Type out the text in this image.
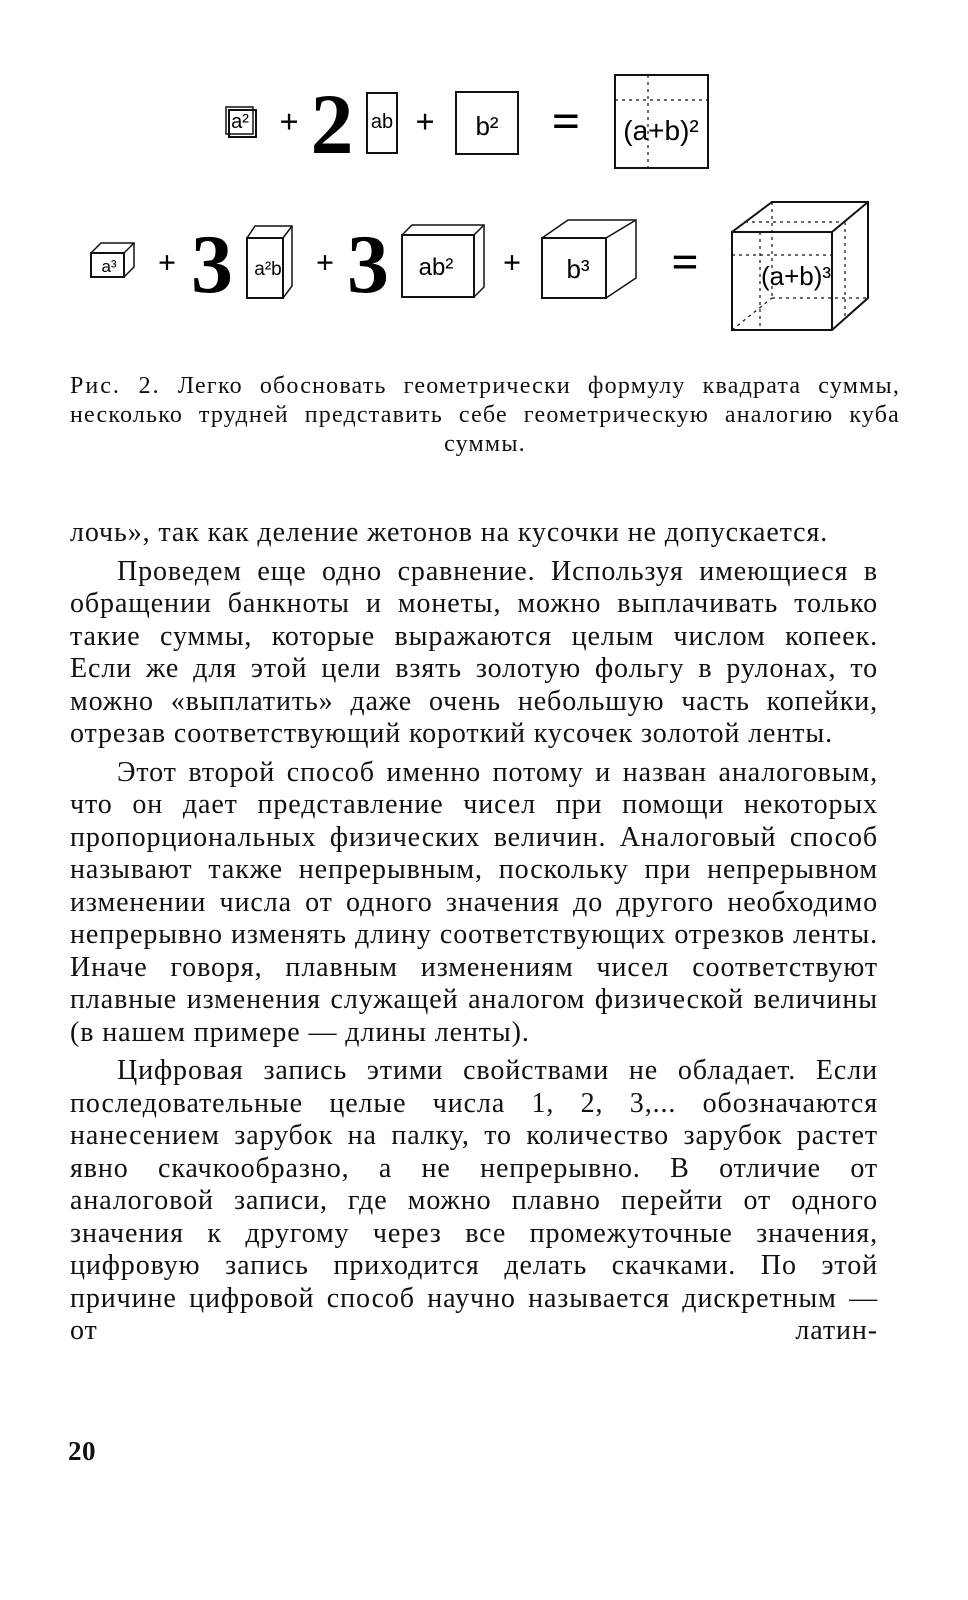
a² + 2 ab + b² = (a+b)²
a³ + 3 a²b + 3 ab² + b³ = (a+b)³
Рис. 2. Легко обосновать геометрически формулу квадрата суммы, несколько трудней представить себе геометрическую аналогию куба суммы.

лочь», так как деление жетонов на кусочки не допускается.

Проведем еще одно сравнение. Используя имеющиеся в обращении банкноты и монеты, можно выплачивать только такие суммы, которые выражаются целым числом копеек. Если же для этой цели взять золотую фольгу в рулонах, то можно «выплатить» даже очень небольшую часть копейки, отрезав соответствующий короткий кусочек золотой ленты.

Этот второй способ именно потому и назван аналоговым, что он дает представление чисел при помощи некоторых пропорциональных физических величин. Аналоговый способ называют также непрерывным, поскольку при непрерывном изменении числа от одного значения до другого необходимо непрерывно изменять длину соответствующих отрезков ленты. Иначе говоря, плавным изменениям чисел соответствуют плавные изменения служащей аналогом физической величины (в нашем примере — длины ленты).

Цифровая запись этими свойствами не обладает. Если последовательные целые числа 1, 2, 3,... обозначаются нанесением зарубок на палку, то количество зарубок растет явно скачкообразно, а не непрерывно. В отличие от аналоговой записи, где можно плавно перейти от одного значения к другому через все промежуточные значения, цифровую запись приходится делать скачками. По этой причине цифровой способ научно называется дискретным — от латин-

20
